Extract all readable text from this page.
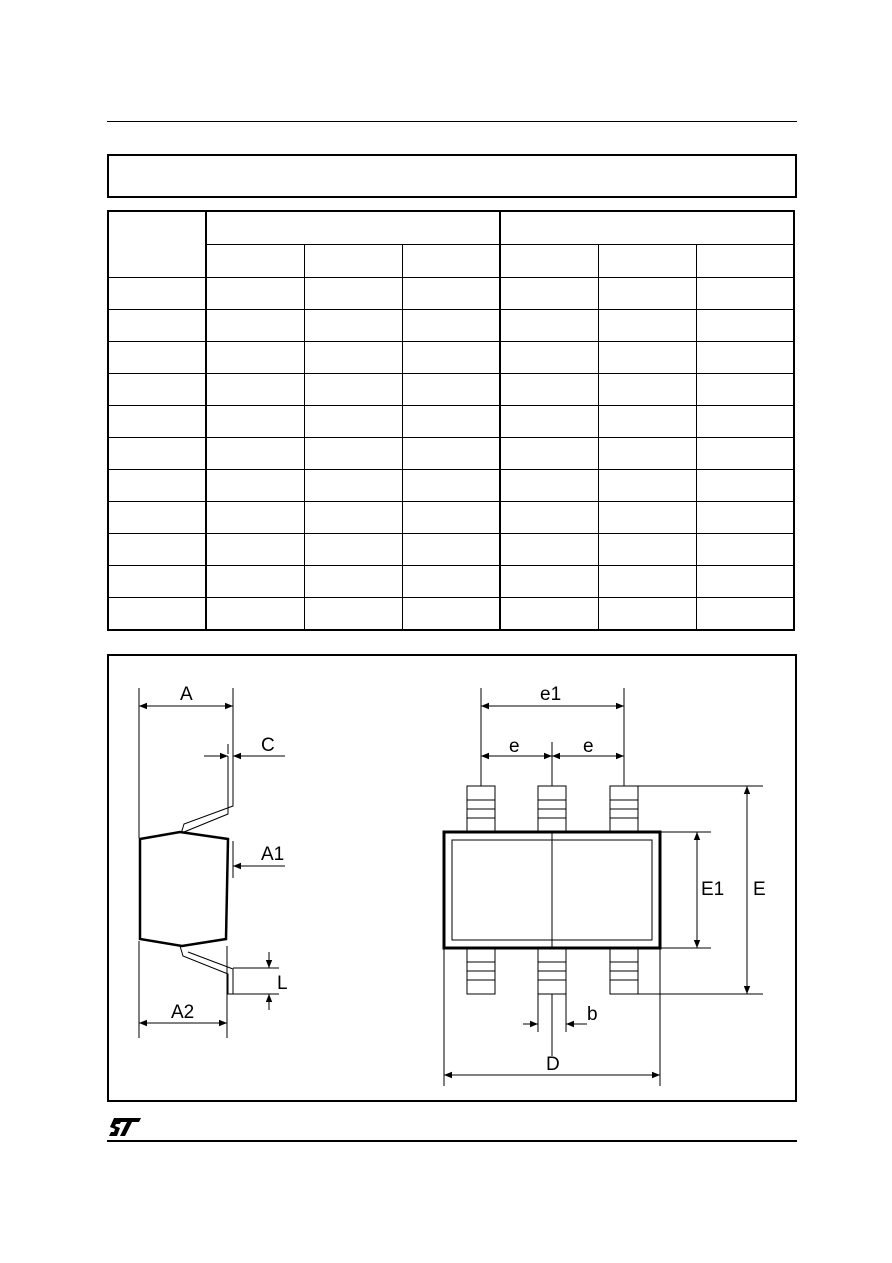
A
C
A1
L
A2
e1
e	e
E1 E
b
D
